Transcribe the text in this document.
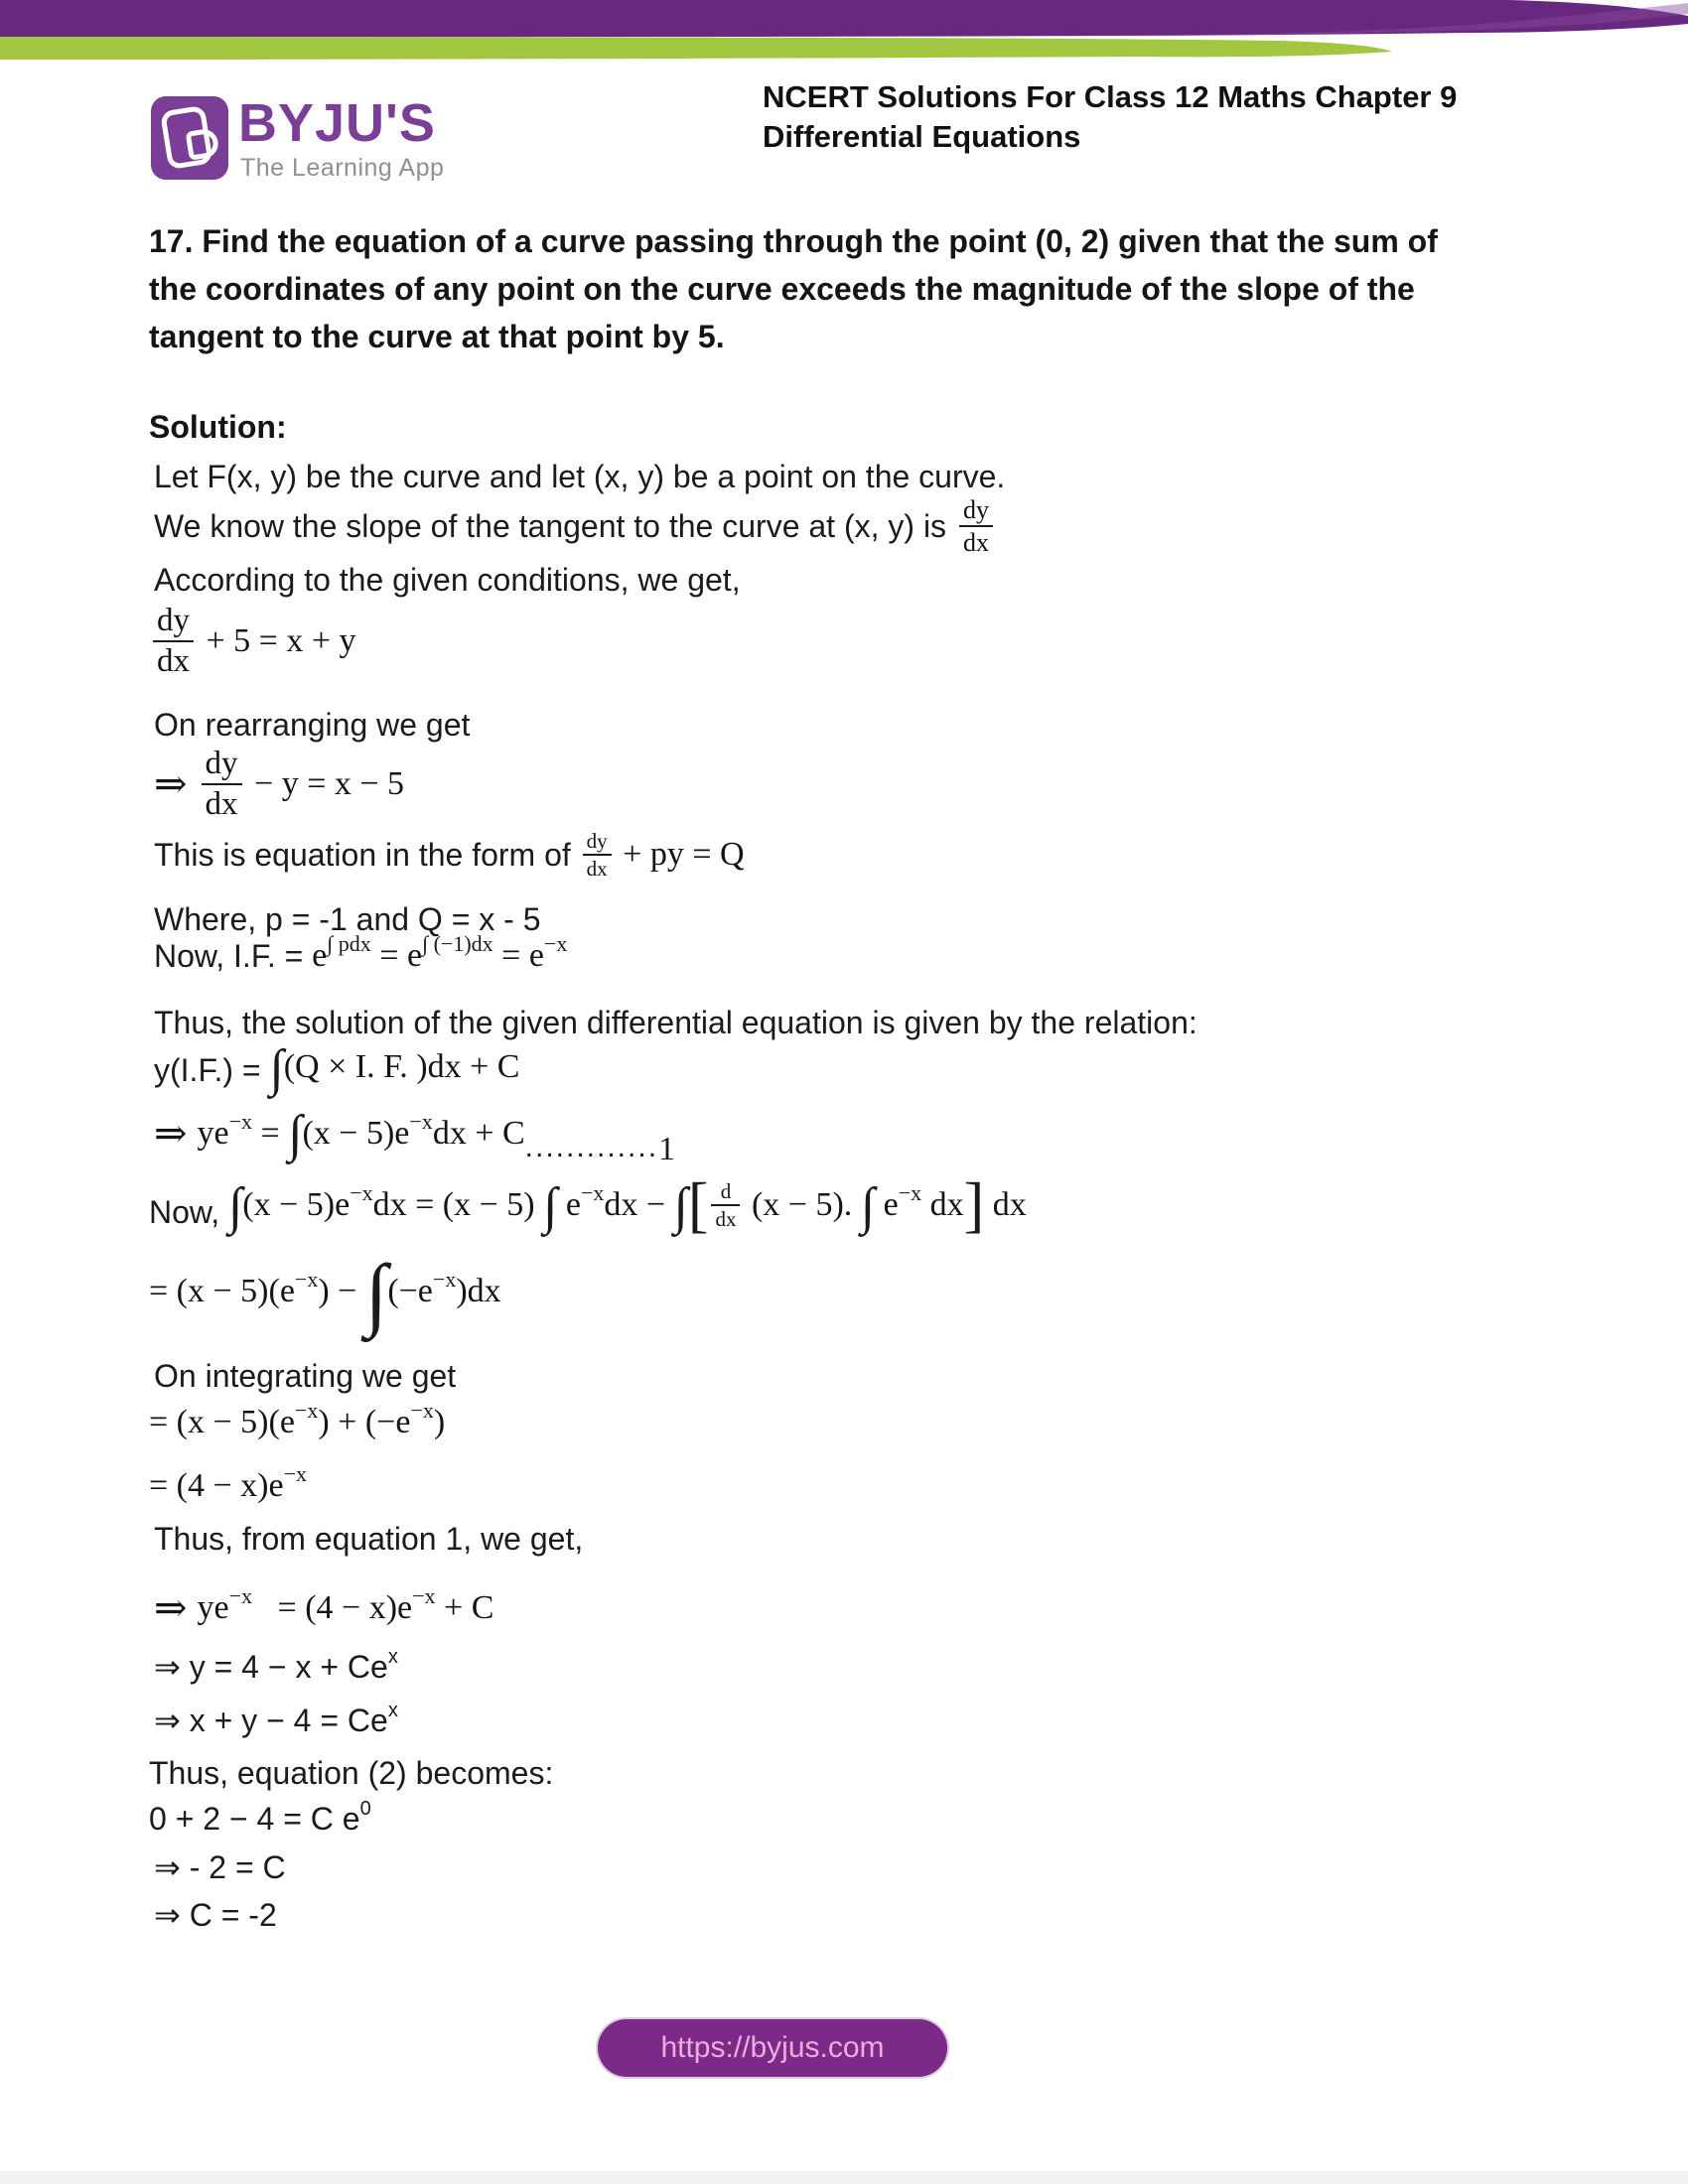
BYJU'S
The Learning App
NCERT Solutions For Class 12 Maths Chapter 9
Differential Equations
17. Find the equation of a curve passing through the point (0, 2) given that the sum of
the coordinates of any point on the curve exceeds the magnitude of the slope of the
tangent to the curve at that point by 5.
Solution:
Let F(x, y) be the curve and let (x, y) be a point on the curve.
We know the slope of the tangent to the curve at (x, y) is $\frac{dy}{dx}$
According to the given conditions, we get,
$\frac{dy}{dx} + 5 = x + y$
On rearranging we get
⇒ $\frac{dy}{dx} - y = x - 5$
This is equation in the form of $\frac{dy}{dx}$ + py = Q
Where, p = -1 and Q = x - 5
Now, I.F. = e ∫ pdx = e ∫ (−1)dx = e −x
Thus, the solution of the given differential equation is given by the relation:
y(I.F.) = ∫ (Q × I. F. )dx + C
⇒ ye −x = ∫ (x − 5)e −x dx + C ............. 1
Now, ∫ (x − 5)e −x dx = (x − 5) ∫ e −x dx − ∫ [ $\frac{d}{dx} (x - 5)$. ∫ e −x dx ] dx
= (x − 5)(e −x ) − ∫ (−e −x )dx
On integrating we get
= (x − 5)(e −x ) + (−e −x )
= (4 − x)e −x
Thus, from equation 1, we get,
⇒ ye −x = (4 − x)e −x + C
⇒ y = 4 − x + Ce x
⇒ x + y − 4 = Ce x
Thus, equation (2) becomes:
0 + 2 − 4 = C e 0
⇒ - 2 = C
⇒ C = -2
https://byjus.com
